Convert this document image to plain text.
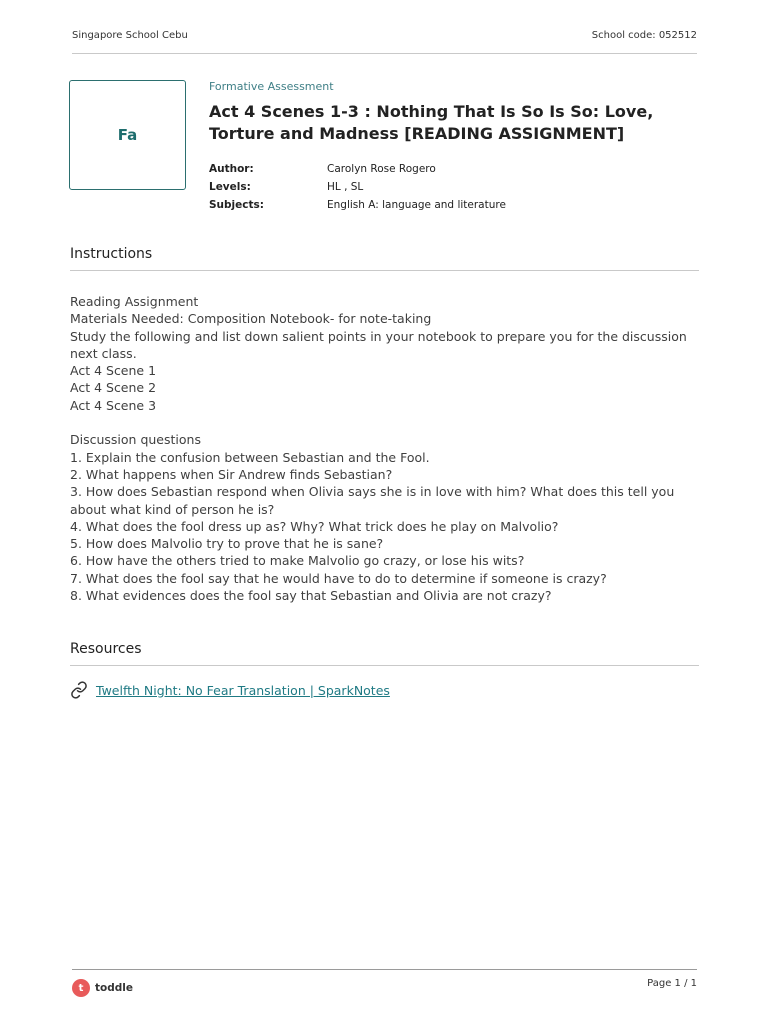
Singapore School Cebu	School code: 052512
Fa
Formative Assessment
Act 4 Scenes 1-3 : Nothing That Is So Is So: Love, Torture and Madness [READING ASSIGNMENT]
Author:	Carolyn Rose Rogero
Levels:	HL , SL
Subjects:	English A: language and literature
Instructions
Reading Assignment
Materials Needed: Composition Notebook- for note-taking
Study the following and list down salient points in your notebook to prepare you for the discussion next class.
Act 4 Scene 1
Act 4 Scene 2
Act 4 Scene 3
Discussion questions
1. Explain the confusion between Sebastian and the Fool.
2. What happens when Sir Andrew finds Sebastian?
3. How does Sebastian respond when Olivia says she is in love with him? What does this tell you about what kind of person he is?
4. What does the fool dress up as? Why? What trick does he play on Malvolio?
5. How does Malvolio try to prove that he is sane?
6. How have the others tried to make Malvolio go crazy, or lose his wits?
7. What does the fool say that he would have to do to determine if someone is crazy?
8. What evidences does the fool say that Sebastian and Olivia are not crazy?
Resources
Twelfth Night: No Fear Translation | SparkNotes
t	toddle	Page 1 / 1
